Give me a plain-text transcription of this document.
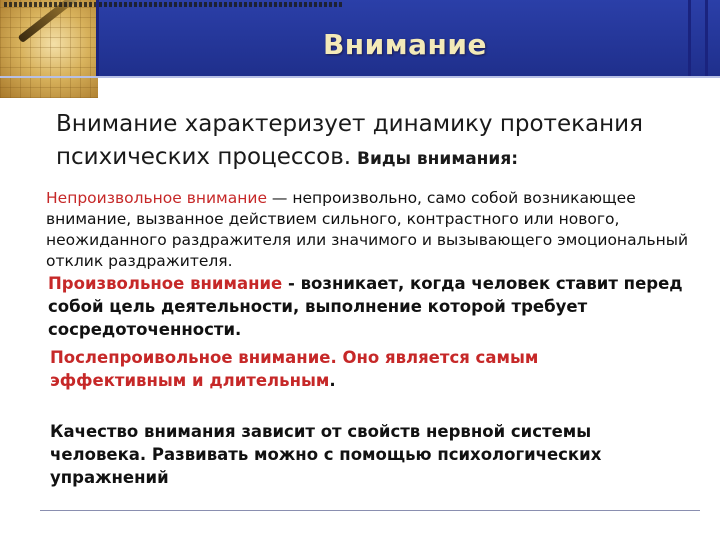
Внимание
Внимание характеризует динамику протекания психических процессов. Виды внимания:
Непроизвольное внимание — непроизвольно, само собой возникающее внимание, вызванное действием сильного, контрастного или нового, неожиданного раздражителя или значимого и вызывающего эмоциональный отклик раздражителя.
Произвольное внимание - возникает, когда человек ставит перед собой цель деятельности, выполнение которой требует сосредоточенности.
Послепроивольное внимание. Оно является самым эффективным и длительным.
Качество внимания зависит от свойств нервной системы человека. Развивать можно с помощью психологических упражнений
